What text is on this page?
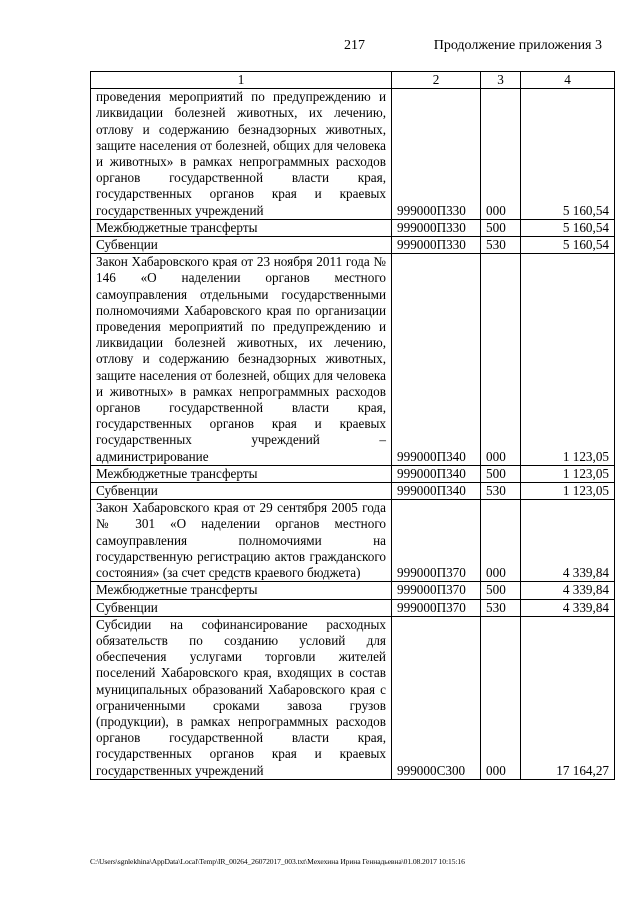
217	Продолжение приложения 3
1	2	3	4
проведения мероприятий по предупреждению и ликвидации болезней животных, их лечению, отлову и содержанию безнадзорных животных, защите населения от болезней, общих для человека и животных» в рамках непрограммных расходов органов государственной власти края, государственных органов края и краевых государственных учреждений	999000П330	000	5 160,54
Межбюджетные трансферты	999000П330	500	5 160,54
Субвенции	999000П330	530	5 160,54
Закон Хабаровского края от 23 ноября 2011 года № 146 «О наделении органов местного самоуправления отдельными государственными полномочиями Хабаровского края по организации проведения мероприятий по предупреждению и ликвидации болезней животных, их лечению, отлову и содержанию безнадзорных животных, защите населения от болезней, общих для человека и животных» в рамках непрограммных расходов органов государственной власти края, государственных органов края и краевых государственных учреждений – администрирование	999000П340	000	1 123,05
Межбюджетные трансферты	999000П340	500	1 123,05
Субвенции	999000П340	530	1 123,05
Закон Хабаровского края от 29 сентября 2005 года № 301 «О наделении органов местного самоуправления полномочиями на государственную регистрацию актов гражданского состояния» (за счет средств краевого бюджета)	999000П370	000	4 339,84
Межбюджетные трансферты	999000П370	500	4 339,84
Субвенции	999000П370	530	4 339,84
Субсидии на софинансирование расходных обязательств по созданию условий для обеспечения услугами торговли жителей поселений Хабаровского края, входящих в состав муниципальных образований Хабаровского края с ограниченными сроками завоза грузов (продукции), в рамках непрограммных расходов органов государственной власти края, государственных органов края и краевых государственных учреждений	999000С300	000	17 164,27
C:\Users\sgnlekhina\AppData\Local\Temp\IR_00264_26072017_003.txt\Мехехина Ирина Геннадьевна\01.08.2017 10:15:16
